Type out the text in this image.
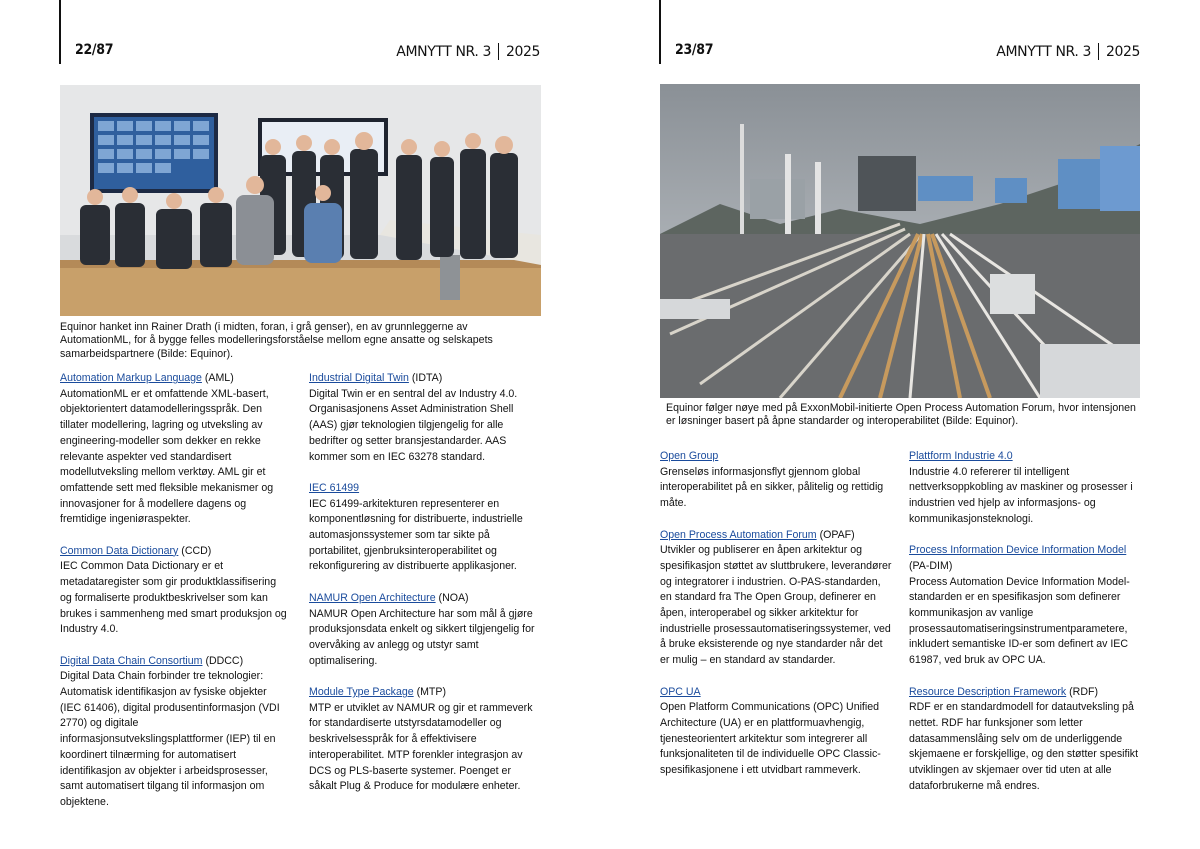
22/87	AMNYTT NR. 3 2025
Equinor hanket inn Rainer Drath (i midten, foran, i grå genser), en av grunnleggerne av AutomationML, for å bygge felles modelleringsforståelse mellom egne ansatte og selskapets samarbeidspartnere (Bilde: Equinor).
Automation Markup Language (AML)

AutomationML er et omfattende XML-basert, objektorientert datamodelleringsspråk. Den tillater modellering, lagring og utveksling av engineering-modeller som dekker en rekke relevante aspekter ved standardisert modellutveksling mellom verktøy. AML gir et omfattende sett med fleksible mekanismer og innovasjoner for å modellere dagens og fremtidige ingeniøraspekter.

Common Data Dictionary (CCD)

IEC Common Data Dictionary er et metadataregister som gir produktklassifisering og formaliserte produktbeskrivelser som kan brukes i sammenheng med smart produksjon og Industry 4.0.

Digital Data Chain Consortium (DDCC)

Digital Data Chain forbinder tre teknologier: Automatisk identifikasjon av fysiske objekter (IEC 61406), digital produsentinformasjon (VDI 2770) og digitale informasjonsutvekslingsplattformer (IEP) til en koordinert tilnærming for automatisert identifikasjon av objekter i arbeidsprosesser, samt automatisert tilgang til informasjon om objektene.

Industrial Digital Twin (IDTA)

Digital Twin er en sentral del av Industry 4.0. Organisasjonens Asset Administration Shell (AAS) gjør teknologien tilgjengelig for alle bedrifter og setter bransjestandarder. AAS kommer som en IEC 63278 standard.

IEC 61499

IEC 61499-arkitekturen representerer en komponentløsning for distribuerte, industrielle automasjonssystemer som tar sikte på portabilitet, gjenbruksinteroperabilitet og rekonfigurering av distribuerte applikasjoner.

NAMUR Open Architecture (NOA)

NAMUR Open Architecture har som mål å gjøre produksjonsdata enkelt og sikkert tilgjengelig for overvåking av anlegg og utstyr samt optimalisering.

Module Type Package (MTP)

MTP er utviklet av NAMUR og gir et rammeverk for standardiserte utstyrsdatamodeller og beskrivelsesspråk for å effektivisere interoperabilitet. MTP forenkler integrasjon av DCS og PLS-baserte systemer. Poenget er såkalt Plug & Produce for modulære enheter.

23/87	AMNYTT NR. 3 2025
Equinor følger nøye med på ExxonMobil-initierte Open Process Automation Forum, hvor intensjonen er løsninger basert på åpne standarder og interoperabilitet (Bilde: Equinor).
Open Group

Grenseløs informasjonsflyt gjennom global interoperabilitet på en sikker, pålitelig og rettidig måte.

Open Process Automation Forum (OPAF)

Utvikler og publiserer en åpen arkitektur og spesifikasjon støttet av sluttbrukere, leverandører og integratorer i industrien. O-PAS-standarden, en standard fra The Open Group, definerer en åpen, interoperabel og sikker arkitektur for industrielle prosessautomatiseringssystemer, ved å bruke eksisterende og nye standarder når det er mulig – en standard av standarder.

OPC UA

Open Platform Communications (OPC) Unified Architecture (UA) er en plattformuavhengig, tjenesteorientert arkitektur som integrerer all funksjonaliteten til de individuelle OPC Classic-spesifikasjonene i ett utvidbart rammeverk.

Plattform Industrie 4.0

Industrie 4.0 refererer til intelligent nettverksoppkobling av maskiner og prosesser i industrien ved hjelp av informasjons- og kommunikasjonsteknologi.

Process Information Device Information Model (PA-DIM)

Process Automation Device Information Model-standarden er en spesifikasjon som definerer kommunikasjon av vanlige prosessautomatiseringsinstrumentparametere, inkludert semantiske ID-er som definert av IEC 61987, ved bruk av OPC UA.

Resource Description Framework (RDF)

RDF er en standardmodell for datautveksling på nettet. RDF har funksjoner som letter datasammenslåing selv om de underliggende skjemaene er forskjellige, og den støtter spesifikt utviklingen av skjemaer over tid uten at alle dataforbrukerne må endres.
